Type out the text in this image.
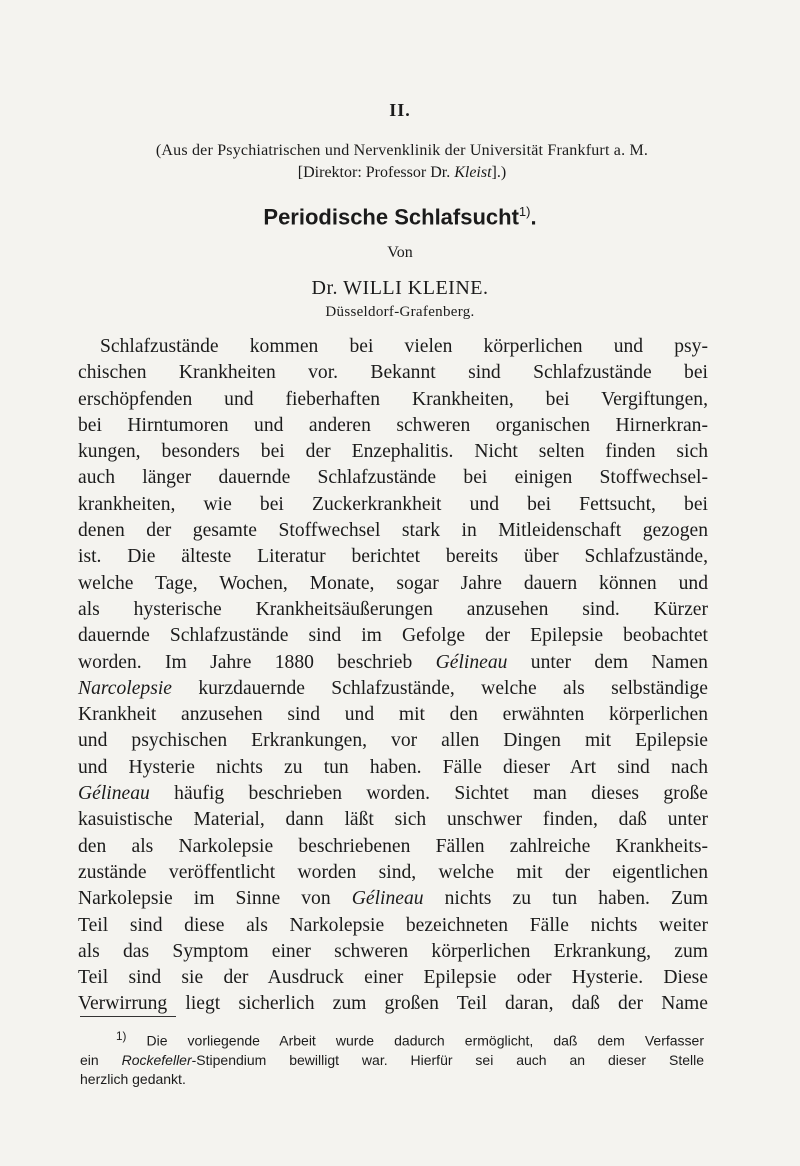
II.
(Aus der Psychiatrischen und Nervenklinik der Universität Frankfurt a. M.
[Direktor: Professor Dr. Kleist].)
Periodische Schlafsucht$^{1)}$.
Von
Dr. WILLI KLEINE.
Düsseldorf-Grafenberg.
Schlafzustände kommen bei vielen körperlichen und psy-
chischen Krankheiten vor. Bekannt sind Schlafzustände bei
erschöpfenden und fieberhaften Krankheiten, bei Vergiftungen,
bei Hirntumoren und anderen schweren organischen Hirnerkran-
kungen, besonders bei der Enzephalitis. Nicht selten finden sich
auch länger dauernde Schlafzustände bei einigen Stoffwechsel-
krankheiten, wie bei Zuckerkrankheit und bei Fettsucht, bei
denen der gesamte Stoffwechsel stark in Mitleidenschaft gezogen
ist. Die älteste Literatur berichtet bereits über Schlafzustände,
welche Tage, Wochen, Monate, sogar Jahre dauern können und
als hysterische Krankheitsäußerungen anzusehen sind. Kürzer
dauernde Schlafzustände sind im Gefolge der Epilepsie beobachtet
worden. Im Jahre 1880 beschrieb Gélineau unter dem Namen
Narcolepsie kurzdauernde Schlafzustände, welche als selbständige
Krankheit anzusehen sind und mit den erwähnten körperlichen
und psychischen Erkrankungen, vor allen Dingen mit Epilepsie
und Hysterie nichts zu tun haben. Fälle dieser Art sind nach
Gélineau häufig beschrieben worden. Sichtet man dieses große
kasuistische Material, dann läßt sich unschwer finden, daß unter
den als Narkolepsie beschriebenen Fällen zahlreiche Krankheits-
zustände veröffentlicht worden sind, welche mit der eigentlichen
Narkolepsie im Sinne von Gélineau nichts zu tun haben. Zum
Teil sind diese als Narkolepsie bezeichneten Fälle nichts weiter
als das Symptom einer schweren körperlichen Erkrankung, zum
Teil sind sie der Ausdruck einer Epilepsie oder Hysterie. Diese
Verwirrung liegt sicherlich zum großen Teil daran, daß der Name
$^{1)}$ Die vorliegende Arbeit wurde dadurch ermöglicht, daß dem Verfasser
ein Rockefeller-Stipendium bewilligt war. Hierfür sei auch an dieser Stelle
herzlich gedankt.
